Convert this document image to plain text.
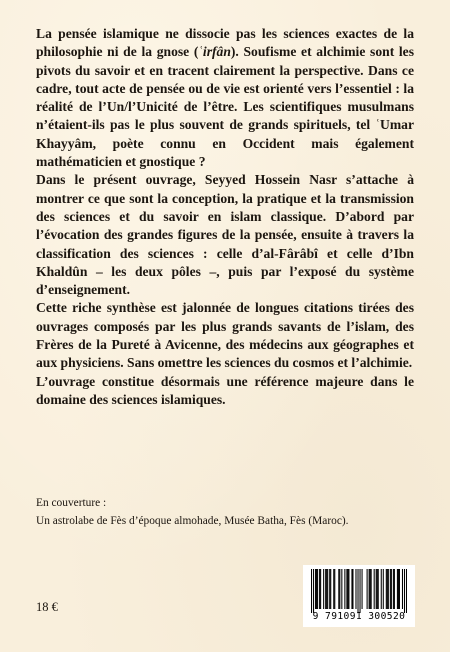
La pensée islamique ne dissocie pas les sciences exactes de la philosophie ni de la gnose (ʿirfân). Soufisme et alchimie sont les pivots du savoir et en tracent clairement la perspective. Dans ce cadre, tout acte de pensée ou de vie est orienté vers l’essentiel : la réalité de l’Un/l’Unicité de l’être. Les scientifiques musulmans n’étaient-ils pas le plus souvent de grands spirituels, tel ʿUmar Khayyâm, poète connu en Occident mais également mathématicien et gnostique ?

Dans le présent ouvrage, Seyyed Hossein Nasr s’attache à montrer ce que sont la conception, la pratique et la transmission des sciences et du savoir en islam classique. D’abord par l’évocation des grandes figures de la pensée, ensuite à travers la classification des sciences : celle d’al-Fârâbî et celle d’Ibn Khaldûn – les deux pôles –, puis par l’exposé du système d’enseignement.

Cette riche synthèse est jalonnée de longues citations tirées des ouvrages composés par les plus grands savants de l’islam, des Frères de la Pureté à Avicenne, des médecins aux géographes et aux physiciens. Sans omettre les sciences du cosmos et l’alchimie.

L’ouvrage constitue désormais une référence majeure dans le domaine des sciences islamiques.

En couverture :
Un astrolabe de Fès d’époque almohade, Musée Batha, Fès (Maroc).
18 €
9 791091 300520
